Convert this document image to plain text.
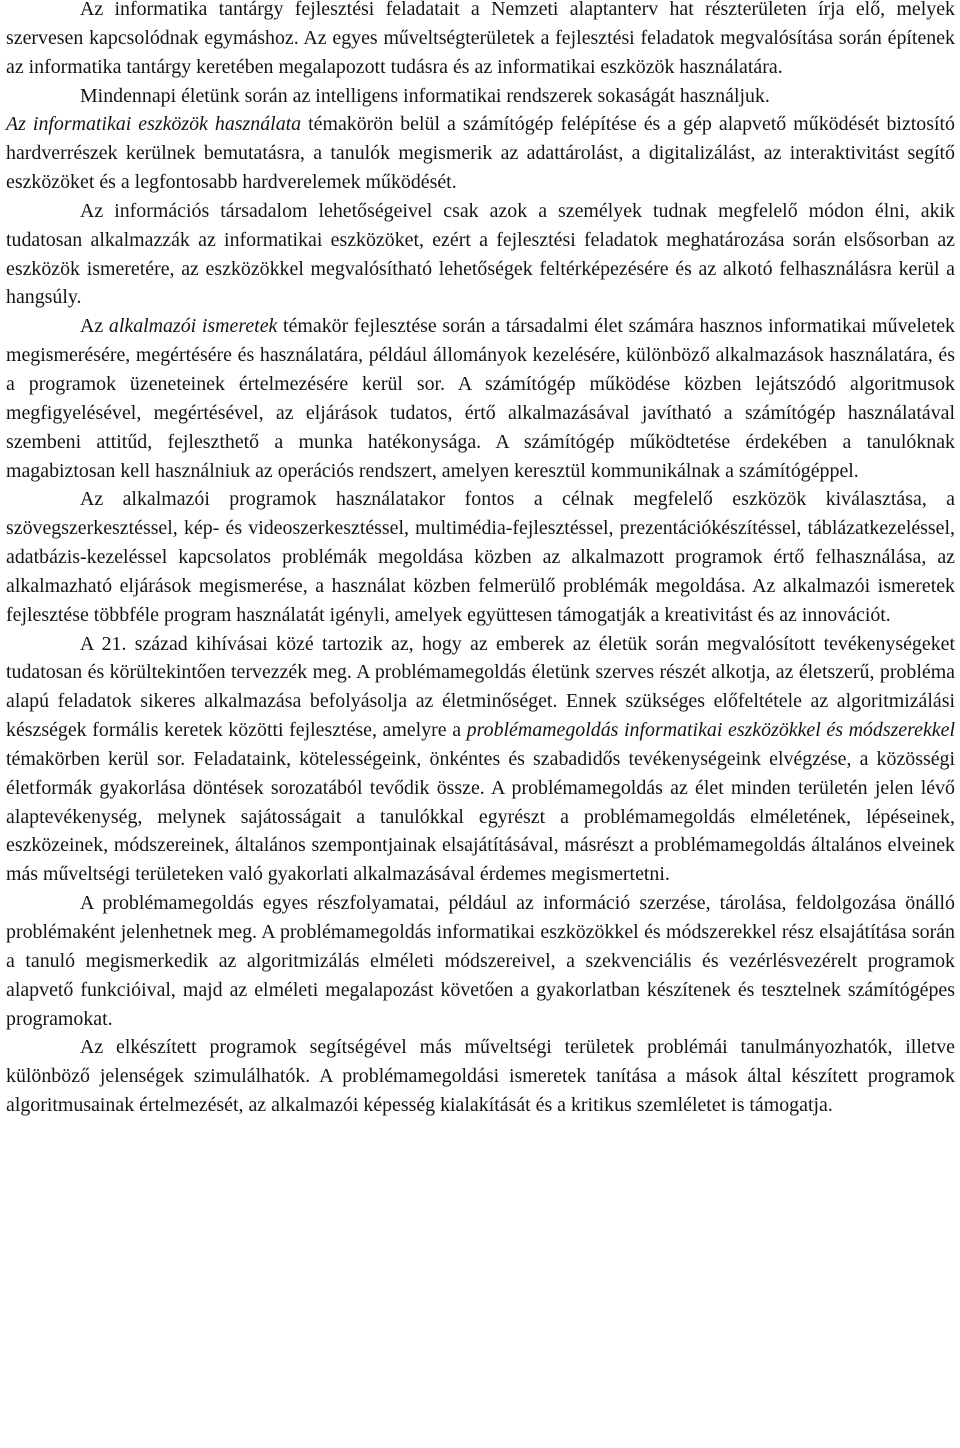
Az informatika tantárgy fejlesztési feladatait a Nemzeti alaptanterv hat részterületen írja elő, melyek szervesen kapcsolódnak egymáshoz. Az egyes műveltségterületek a fejlesztési feladatok megvalósítása során építenek az informatika tantárgy keretében megalapozott tudásra és az informatikai eszközök használatára.

Mindennapi életünk során az intelligens informatikai rendszerek sokaságát használjuk.

Az informatikai eszközök használata témakörön belül a számítógép felépítése és a gép alapvető működését biztosító hardverrészek kerülnek bemutatásra, a tanulók megismerik az adattárolást, a digitalizálást, az interaktivitást segítő eszközöket és a legfontosabb hardverelemek működését.

Az információs társadalom lehetőségeivel csak azok a személyek tudnak megfelelő módon élni, akik tudatosan alkalmazzák az informatikai eszközöket, ezért a fejlesztési feladatok meghatározása során elsősorban az eszközök ismeretére, az eszközökkel megvalósítható lehetőségek feltérképezésére és az alkotó felhasználásra kerül a hangsúly.

Az alkalmazói ismeretek témakör fejlesztése során a társadalmi élet számára hasznos informatikai műveletek megismerésére, megértésére és használatára, például állományok kezelésére, különböző alkalmazások használatára, és a programok üzeneteinek értelmezésére kerül sor. A számítógép működése közben lejátszódó algoritmusok megfigyelésével, megértésével, az eljárások tudatos, értő alkalmazásával javítható a számítógép használatával szembeni attitűd, fejleszthető a munka hatékonysága. A számítógép működtetése érdekében a tanulóknak magabiztosan kell használniuk az operációs rendszert, amelyen keresztül kommunikálnak a számítógéppel.

Az alkalmazói programok használatakor fontos a célnak megfelelő eszközök kiválasztása, a szövegszerkesztéssel, kép- és videoszerkesztéssel, multimédia-fejlesztéssel, prezentációkészítéssel, táblázatkezeléssel, adatbázis-kezeléssel kapcsolatos problémák megoldása közben az alkalmazott programok értő felhasználása, az alkalmazható eljárások megismerése, a használat közben felmerülő problémák megoldása. Az alkalmazói ismeretek fejlesztése többféle program használatát igényli, amelyek együttesen támogatják a kreativitást és az innovációt.

A 21. század kihívásai közé tartozik az, hogy az emberek az életük során megvalósított tevékenységeket tudatosan és körültekintően tervezzék meg. A problémamegoldás életünk szerves részét alkotja, az életszerű, probléma alapú feladatok sikeres alkalmazása befolyásolja az életminőséget. Ennek szükséges előfeltétele az algoritmizálási készségek formális keretek közötti fejlesztése, amelyre a problémamegoldás informatikai eszközökkel és módszerekkel témakörben kerül sor. Feladataink, kötelességeink, önkéntes és szabadidős tevékenységeink elvégzése, a közösségi életformák gyakorlása döntések sorozatából tevődik össze. A problémamegoldás az élet minden területén jelen lévő alaptevékenység, melynek sajátosságait a tanulókkal egyrészt a problémamegoldás elméletének, lépéseinek, eszközeinek, módszereinek, általános szempontjainak elsajátításával, másrészt a problémamegoldás általános elveinek más műveltségi területeken való gyakorlati alkalmazásával érdemes megismertetni.

A problémamegoldás egyes részfolyamatai, például az információ szerzése, tárolása, feldolgozása önálló problémaként jelenhetnek meg. A problémamegoldás informatikai eszközökkel és módszerekkel rész elsajátítása során a tanuló megismerkedik az algoritmizálás elméleti módszereivel, a szekvenciális és vezérlésvezérelt programok alapvető funkcióival, majd az elméleti megalapozást követően a gyakorlatban készítenek és tesztelnek számítógépes programokat.

Az elkészített programok segítségével más műveltségi területek problémái tanulmányozhatók, illetve különböző jelenségek szimulálhatók. A problémamegoldási ismeretek tanítása a mások által készített programok algoritmusainak értelmezését, az alkalmazói képesség kialakítását és a kritikus szemléletet is támogatja.
